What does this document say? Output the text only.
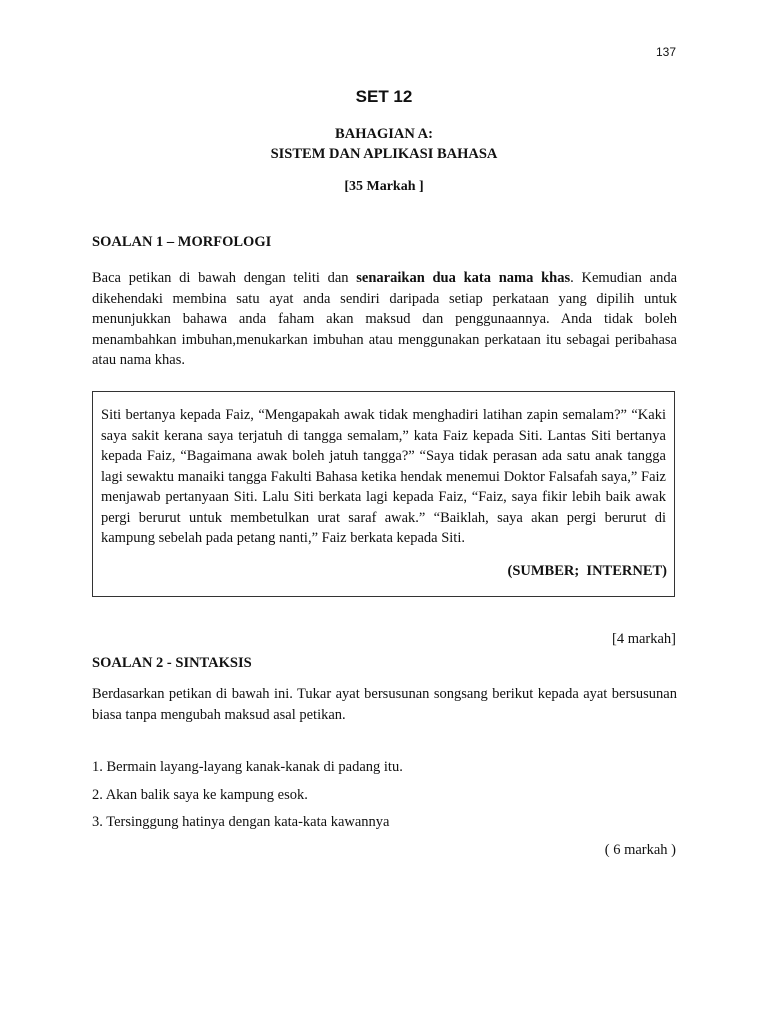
137
SET 12
BAHAGIAN A:
SISTEM DAN APLIKASI BAHASA
[35 Markah ]
SOALAN 1 – MORFOLOGI
Baca petikan di bawah dengan teliti dan senaraikan dua kata nama khas. Kemudian anda dikehendaki membina satu ayat anda sendiri daripada setiap perkataan yang dipilih untuk menunjukkan bahawa anda faham akan maksud dan penggunaannya. Anda tidak boleh menambahkan imbuhan,menukarkan imbuhan atau menggunakan perkataan itu sebagai peribahasa atau nama khas.
Siti bertanya kepada Faiz, “Mengapakah awak tidak menghadiri latihan zapin semalam?” “Kaki saya sakit kerana saya terjatuh di tangga semalam,” kata Faiz kepada Siti. Lantas Siti bertanya kepada Faiz, “Bagaimana awak boleh jatuh tangga?” “Saya tidak perasan ada satu anak tangga lagi sewaktu manaiki tangga Fakulti Bahasa ketika hendak menemui Doktor Falsafah saya,” Faiz menjawab pertanyaan Siti. Lalu Siti berkata lagi kepada Faiz, “Faiz, saya fikir lebih baik awak pergi berurut untuk membetulkan urat saraf awak.” “Baiklah, saya akan pergi berurut di kampung sebelah pada petang nanti,” Faiz berkata kepada Siti.
(SUMBER;  INTERNET)
[4 markah]
SOALAN 2 - SINTAKSIS
Berdasarkan petikan di bawah ini. Tukar ayat bersusunan songsang berikut kepada ayat bersusunan biasa tanpa mengubah maksud asal petikan.
1. Bermain layang-layang kanak-kanak di padang itu.
2. Akan balik saya ke kampung esok.
3. Tersinggung hatinya dengan kata-kata kawannya
( 6 markah )
